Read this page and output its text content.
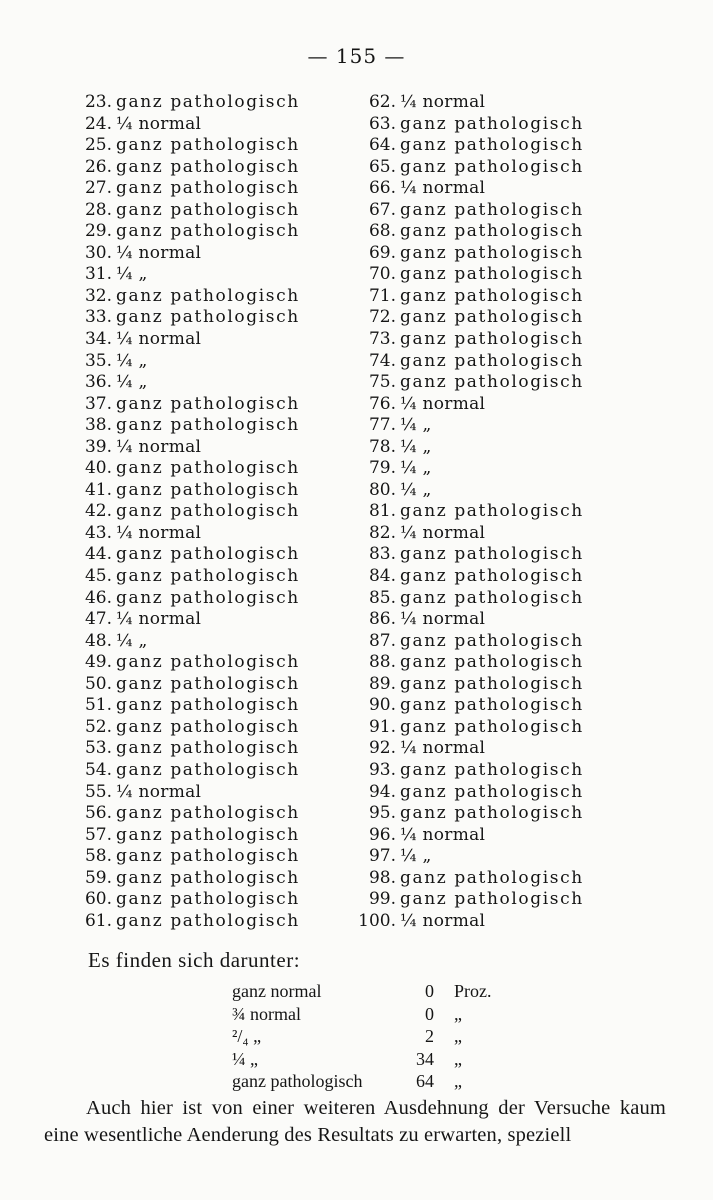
— 155 —
23. ganz pathologisch
24. ¼ normal
25. ganz pathologisch
26. ganz pathologisch
27. ganz pathologisch
28. ganz pathologisch
29. ganz pathologisch
30. ¼ normal
31. ¼ „
32. ganz pathologisch
33. ganz pathologisch
34. ¼ normal
35. ¼ „
36. ¼ „
37. ganz pathologisch
38. ganz pathologisch
39. ¼ normal
40. ganz pathologisch
41. ganz pathologisch
42. ganz pathologisch
43. ¼ normal
44. ganz pathologisch
45. ganz pathologisch
46. ganz pathologisch
47. ¼ normal
48. ¼ „
49. ganz pathologisch
50. ganz pathologisch
51. ganz pathologisch
52. ganz pathologisch
53. ganz pathologisch
54. ganz pathologisch
55. ¼ normal
56. ganz pathologisch
57. ganz pathologisch
58. ganz pathologisch
59. ganz pathologisch
60. ganz pathologisch
61. ganz pathologisch
62. ¼ normal
63. ganz pathologisch
64. ganz pathologisch
65. ganz pathologisch
66. ¼ normal
67. ganz pathologisch
68. ganz pathologisch
69. ganz pathologisch
70. ganz pathologisch
71. ganz pathologisch
72. ganz pathologisch
73. ganz pathologisch
74. ganz pathologisch
75. ganz pathologisch
76. ¼ normal
77. ¼ „
78. ¼ „
79. ¼ „
80. ¼ „
81. ganz pathologisch
82. ¼ normal
83. ganz pathologisch
84. ganz pathologisch
85. ganz pathologisch
86. ¼ normal
87. ganz pathologisch
88. ganz pathologisch
89. ganz pathologisch
90. ganz pathologisch
91. ganz pathologisch
92. ¼ normal
93. ganz pathologisch
94. ganz pathologisch
95. ganz pathologisch
96. ¼ normal
97. ¼ „
98. ganz pathologisch
99. ganz pathologisch
100. ¼ normal
Es finden sich darunter:
ganz normal	0 Proz.
¾ normal	0 „
²/₄ „	2 „
¼ „	34 „
ganz pathologisch	64 „
Auch hier ist von einer weiteren Ausdehnung der Versuche kaum eine wesentliche Aenderung des Resultats zu erwarten, speziell
